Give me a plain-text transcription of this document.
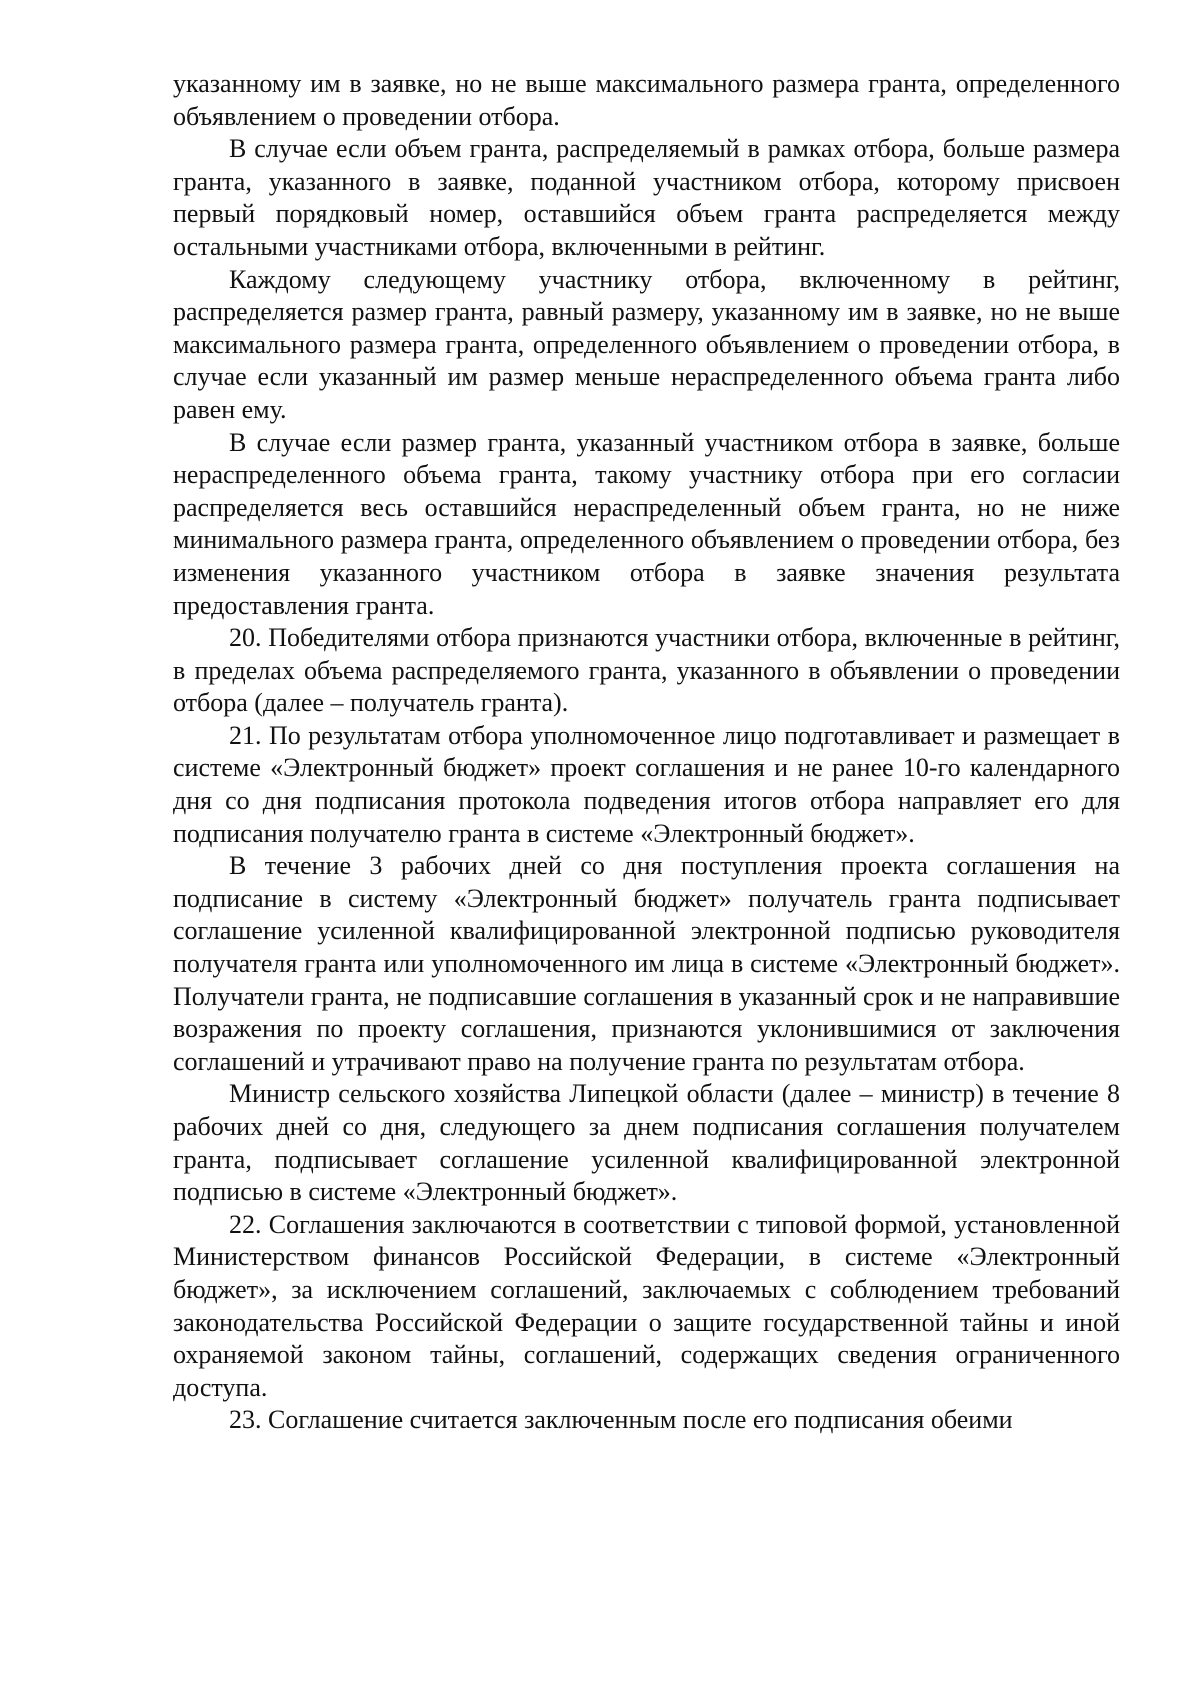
указанному им в заявке, но не выше максимального размера гранта, определенного объявлением о проведении отбора.

В случае если объем гранта, распределяемый в рамках отбора, больше размера гранта, указанного в заявке, поданной участником отбора, которому присвоен первый порядковый номер, оставшийся объем гранта распределяется между остальными участниками отбора, включенными в рейтинг.

Каждому следующему участнику отбора, включенному в рейтинг, распределяется размер гранта, равный размеру, указанному им в заявке, но не выше максимального размера гранта, определенного объявлением о проведении отбора, в случае если указанный им размер меньше нераспределенного объема гранта либо равен ему.

В случае если размер гранта, указанный участником отбора в заявке, больше нераспределенного объема гранта, такому участнику отбора при его согласии распределяется весь оставшийся нераспределенный объем гранта, но не ниже минимального размера гранта, определенного объявлением о проведении отбора, без изменения указанного участником отбора в заявке значения результата предоставления гранта.

20. Победителями отбора признаются участники отбора, включенные в рейтинг, в пределах объема распределяемого гранта, указанного в объявлении о проведении отбора (далее – получатель гранта).

21. По результатам отбора уполномоченное лицо подготавливает и размещает в системе «Электронный бюджет» проект соглашения и не ранее 10-го календарного дня со дня подписания протокола подведения итогов отбора направляет его для подписания получателю гранта в системе «Электронный бюджет».

В течение 3 рабочих дней со дня поступления проекта соглашения на подписание в систему «Электронный бюджет» получатель гранта подписывает соглашение усиленной квалифицированной электронной подписью руководителя получателя гранта или уполномоченного им лица в системе «Электронный бюджет». Получатели гранта, не подписавшие соглашения в указанный срок и не направившие возражения по проекту соглашения, признаются уклонившимися от заключения соглашений и утрачивают право на получение гранта по результатам отбора.

Министр сельского хозяйства Липецкой области (далее – министр) в течение 8 рабочих дней со дня, следующего за днем подписания соглашения получателем гранта, подписывает соглашение усиленной квалифицированной электронной подписью в системе «Электронный бюджет».

22. Соглашения заключаются в соответствии с типовой формой, установленной Министерством финансов Российской Федерации, в системе «Электронный бюджет», за исключением соглашений, заключаемых с соблюдением требований законодательства Российской Федерации о защите государственной тайны и иной охраняемой законом тайны, соглашений, содержащих сведения ограниченного доступа.

23. Соглашение считается заключенным после его подписания обеими
